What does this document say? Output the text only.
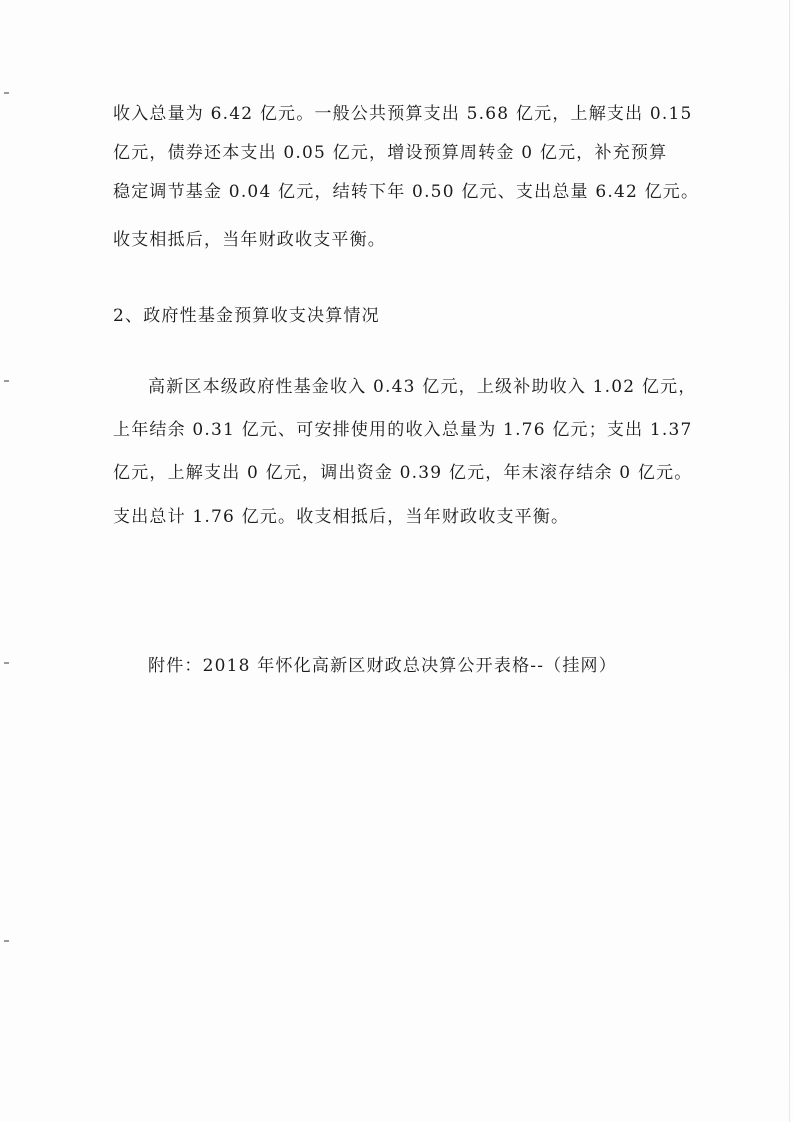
收入总量为 6.42 亿元。一般公共预算支出 5.68 亿元，上解支出 0.15

亿元，债券还本支出 0.05 亿元，增设预算周转金 0 亿元，补充预算

稳定调节基金 0.04 亿元，结转下年 0.50 亿元、支出总量 6.42 亿元。

收支相抵后，当年财政收支平衡。

2、政府性基金预算收支决算情况

高新区本级政府性基金收入 0.43 亿元，上级补助收入 1.02 亿元，

上年结余 0.31 亿元、可安排使用的收入总量为 1.76 亿元；支出 1.37

亿元，上解支出 0 亿元，调出资金 0.39 亿元，年末滚存结余 0 亿元。

支出总计 1.76 亿元。收支相抵后，当年财政收支平衡。

附件：2018 年怀化高新区财政总决算公开表格--（挂网）
